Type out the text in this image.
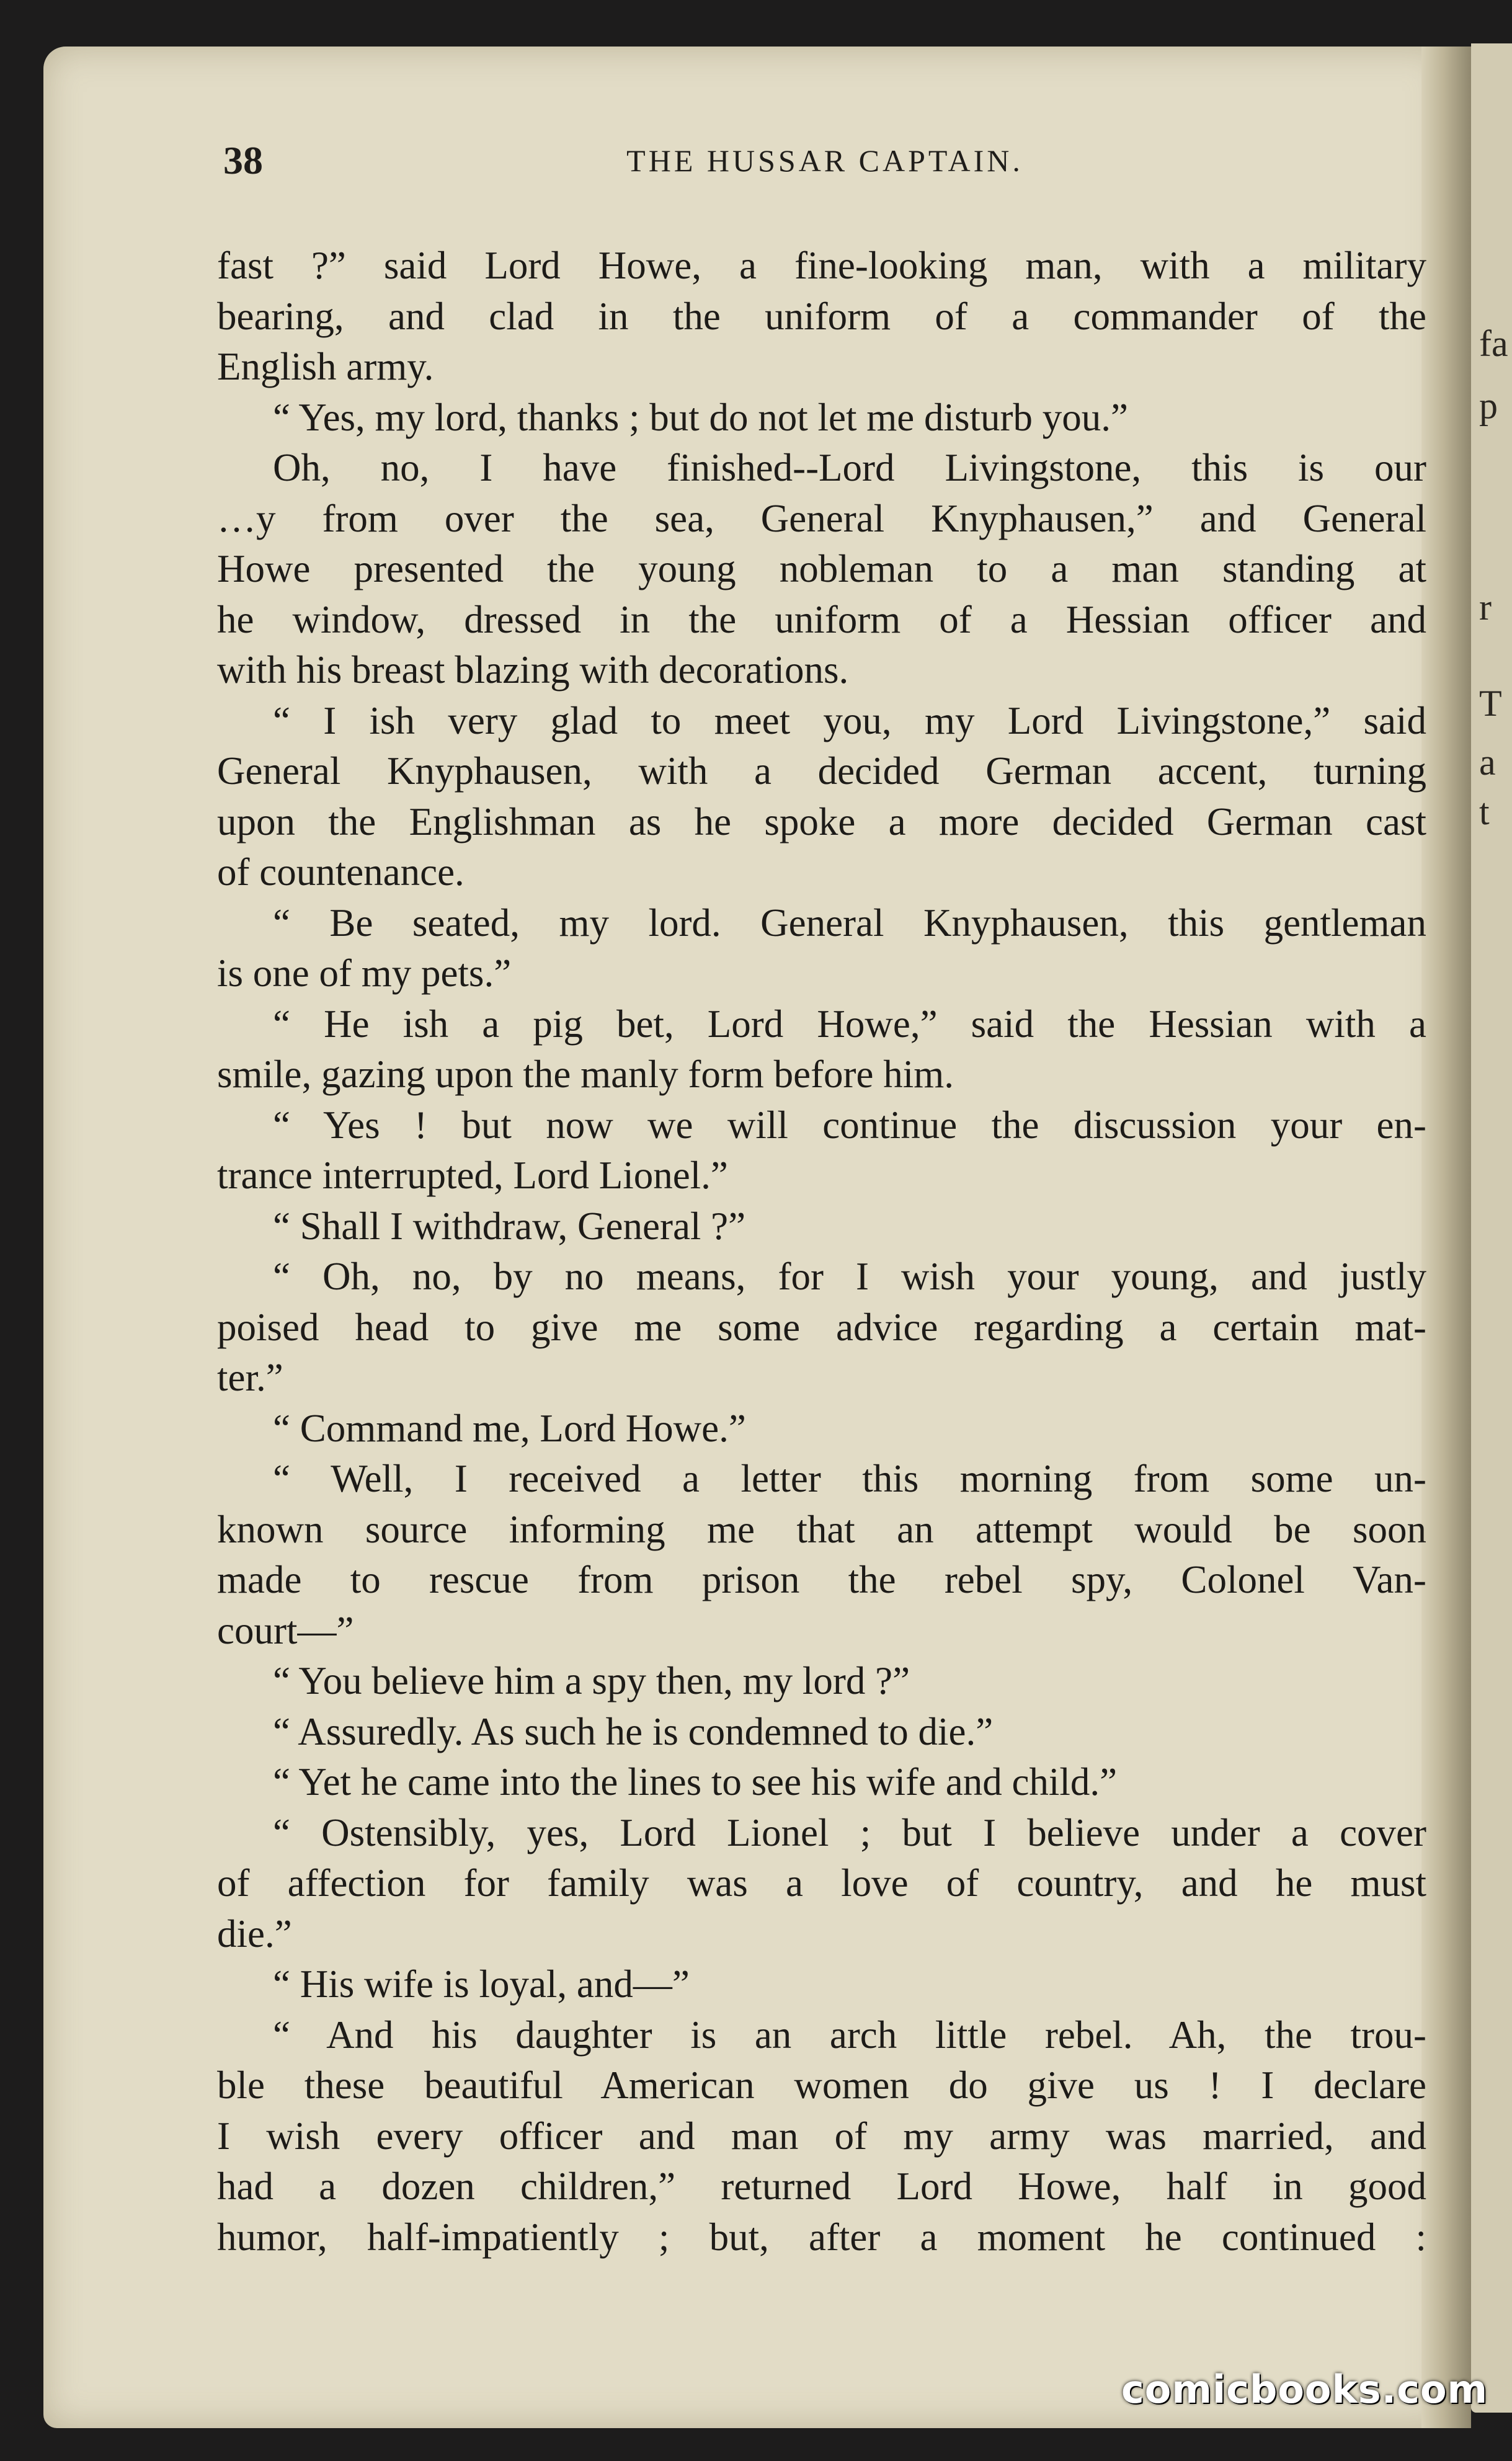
38	THE HUSSAR CAPTAIN.
fast ?” said Lord Howe, a fine-looking man, with a military
bearing, and clad in the uniform of a commander of the
English army.
“ Yes, my lord, thanks ; but do not let me disturb you.”
Oh, no, I have finished--Lord Livingstone, this is our
…y from over the sea, General Knyphausen,” and General
Howe presented the young nobleman to a man standing at
he window, dressed in the uniform of a Hessian officer and
with his breast blazing with decorations.
“ I ish very glad to meet you, my Lord Livingstone,” said
General Knyphausen, with a decided German accent, turning
upon the Englishman as he spoke a more decided German cast
of countenance.
“ Be seated, my lord. General Knyphausen, this gentleman
is one of my pets.”
“ He ish a pig bet, Lord Howe,” said the Hessian with a
smile, gazing upon the manly form before him.
“ Yes ! but now we will continue the discussion your en-
trance interrupted, Lord Lionel.”
“ Shall I withdraw, General ?”
“ Oh, no, by no means, for I wish your young, and justly
poised head to give me some advice regarding a certain mat-
ter.”
“ Command me, Lord Howe.”
“ Well, I received a letter this morning from some un-
known source informing me that an attempt would be soon
made to rescue from prison the rebel spy, Colonel Van-
court—”
“ You believe him a spy then, my lord ?”
“ Assuredly. As such he is condemned to die.”
“ Yet he came into the lines to see his wife and child.”
“ Ostensibly, yes, Lord Lionel ; but I believe under a cover
of affection for family was a love of country, and he must
die.”
“ His wife is loyal, and—”
“ And his daughter is an arch little rebel. Ah, the trou-
ble these beautiful American women do give us ! I declare
I wish every officer and man of my army was married, and
had a dozen children,” returned Lord Howe, half in good
humor, half-impatiently ; but, after a moment he continued :
fa
p
r
T
a
t
comicbooks.com
